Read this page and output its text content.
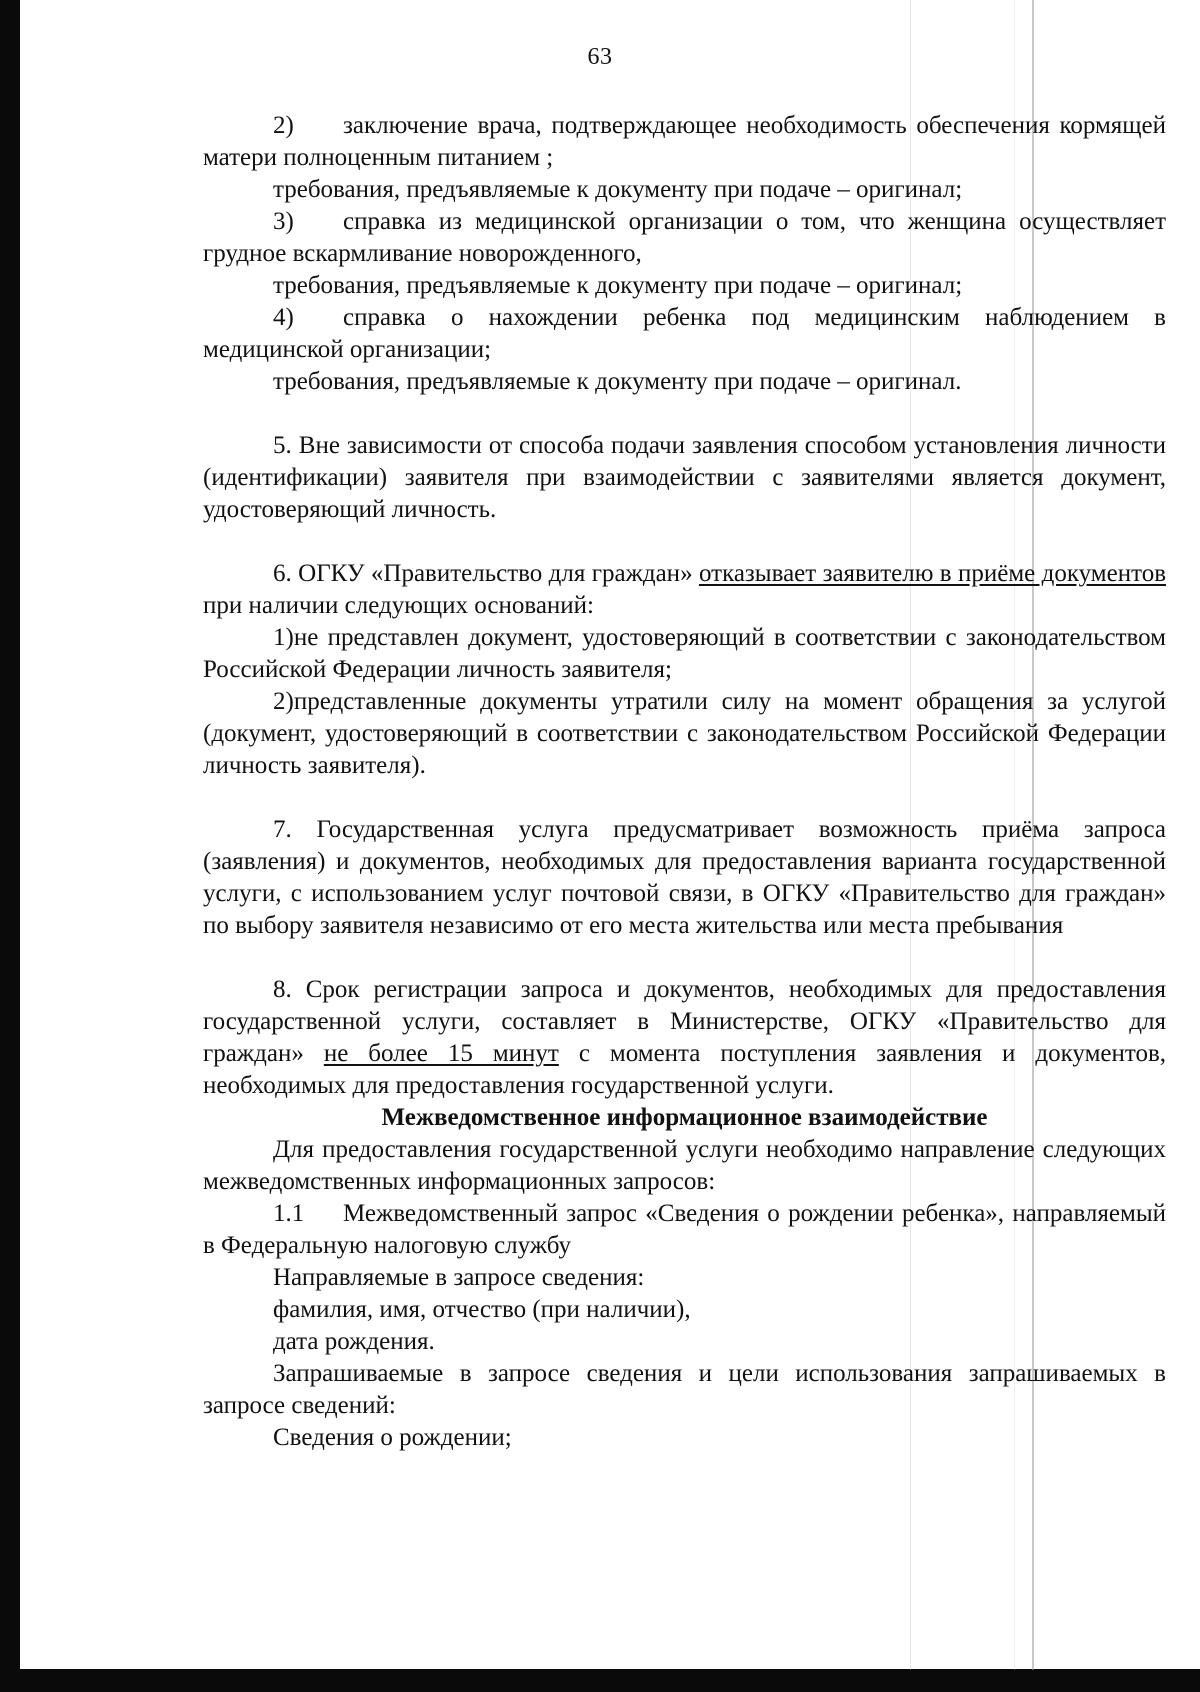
63

2) заключение врача, подтверждающее необходимость обеспечения кормящей матери полноценным питанием ;

требования, предъявляемые к документу при подаче – оригинал;

3) справка из медицинской организации о том, что женщина осуществляет грудное вскармливание новорожденного,

требования, предъявляемые к документу при подаче – оригинал;

4) справка о нахождении ребенка под медицинским наблюдением в медицинской организации;

требования, предъявляемые к документу при подаче – оригинал.

5. Вне зависимости от способа подачи заявления способом установления личности (идентификации) заявителя при взаимодействии с заявителями является документ, удостоверяющий личность.

6. ОГКУ «Правительство для граждан» отказывает заявителю в приёме документов при наличии следующих оснований:

1)не представлен документ, удостоверяющий в соответствии с законодательством Российской Федерации личность заявителя;

2)представленные документы утратили силу на момент обращения за услугой (документ, удостоверяющий в соответствии с законодательством Российской Федерации личность заявителя).

7. Государственная услуга предусматривает возможность приёма запроса (заявления) и документов, необходимых для предоставления варианта государственной услуги, с использованием услуг почтовой связи, в ОГКУ «Правительство для граждан» по выбору заявителя независимо от его места жительства или места пребывания

8. Срок регистрации запроса и документов, необходимых для предоставления государственной услуги, составляет в Министерстве, ОГКУ «Правительство для граждан» не более 15 минут с момента поступления заявления и документов, необходимых для предоставления государственной услуги.

Межведомственное информационное взаимодействие

Для предоставления государственной услуги необходимо направление следующих межведомственных информационных запросов:

1.1 Межведомственный запрос «Сведения о рождении ребенка», направляемый в Федеральную налоговую службу

Направляемые в запросе сведения:

фамилия, имя, отчество (при наличии),

дата рождения.

Запрашиваемые в запросе сведения и цели использования запрашиваемых в запросе сведений:

Сведения о рождении;
